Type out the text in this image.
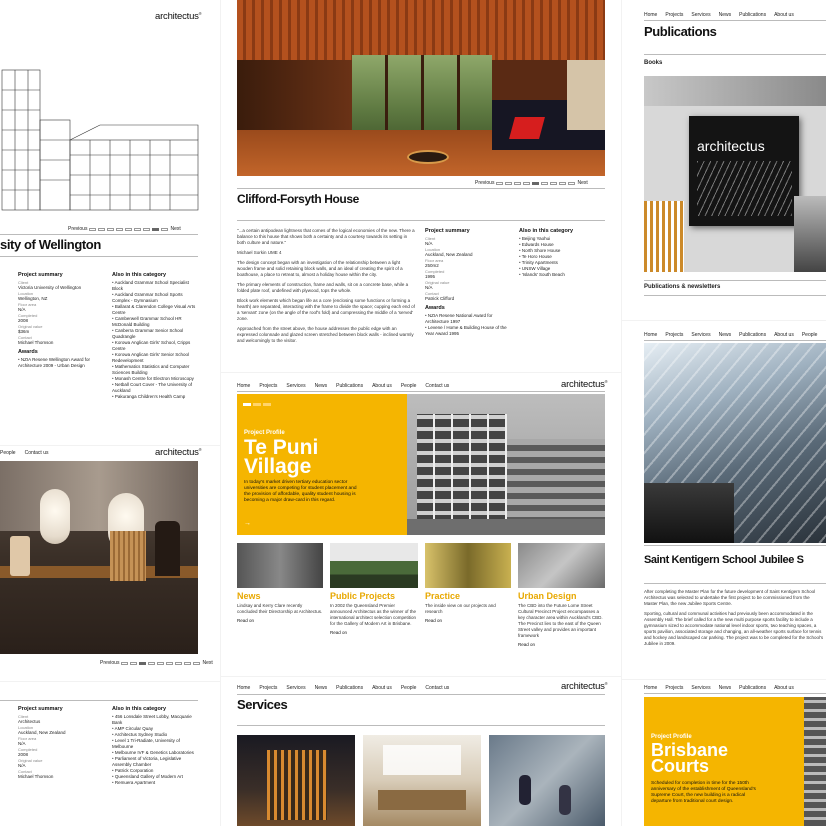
architectus®
Previous	Next
sity of Wellington
Project summary
Client
Victoria University of Wellington
Location
Wellington, NZ
Floor area
N/A
Completed
2008
Original value
$36m
Contact
Michael Thomson
Awards
• NZIA Resene Wellington Award for Architecture 2009 - Urban Design
Also in this category
• Auckland Grammar School Specialist Block
• Auckland Grammar School Sports Complex - Gymnasium
• Ballarat & Clarendon College Visual Arts Centre
• Camberwell Grammar School HR McDonald Building
• Canberra Grammar Senior School Quadrangle
• Korowa Anglican Girls' School, Cripps Centre
• Korowa Anglican Girls' Senior School Redevelopment
• Mathematics Statistics and Computer Sciences Building
• Monash Centre for Electron Microscopy
• Netball Court Cover - The University of Auckland
• Pakuranga Children's Health Camp
People Contact us	architectus®
Previous	Next
Project summary
Client
Architectus
Location
Auckland, New Zealand
Floor area
N/A
Completed
2008
Original value
N/A
Contact
Michael Thomson
Also in this category
• 456 Lonsdale Street Lobby, Macquarie Bank
• AMP Circular Quay
• Architectus Sydney Studio
• Level 1 Tri-Radiate, University of Melbourne
• Melbourne IVF & Genetics Laboratories
• Parliament of Victoria, Legislative Assembly Chamber
• Patrick Corporation
• Queensland Gallery of Modern Art
• Remuera Apartment
Previous	Next
Clifford-Forsyth House

"...a certain antipodean lightness that comes of the logical economies of the new. There a balance to this house that shows both a certainty and a courtesy towards its setting in both culture and nature."

Michael Sorkin UME 4

The design concept began with an investigation of the relationship between a light wooden frame and solid retaining block walls, and an ideal of creating the spirit of a boathouse, a place to retreat to, almost a holiday house within the city.

The primary elements of construction, frame and walls, sit on a concrete base, while a folded plate roof, undefined with plywood, tops the whole.

Block work elements which began life as a core (enclosing some functions or forming a hearth) are separated, interacting with the frame to divide the space; cupping each end of a 'servant' zone (on the angle of the roof's fold) and compressing the middle of a 'served' zone.

Approached from the street above, the house addresses the public edge with an expressed colonnade and glazed screen stretched between block walls - inclined warmly and welcomingly to the visitor.

Project summary
Client
N/A
Location
Auckland, New Zealand
Floor area
250m2
Completed
1995
Original value
N/A
Contact
Patrick Clifford
Awards
• NZIA Resene National Award for Architecture 1997
• Levene / Home & Building House of the Year Award 1995
Also in this category
• Beijing Yaohui
• Edwards House
• North Shore House
• Te Horo House
• Trinity Apartments
• UNSW Village
• 'Islands' South Beach
Home Projects Services News Publications About us People Contact us	architectus®
Project Profile
Te Puni
Village
In today's market driven tertiary education sector universities are competing for student placement and the provision of affordable, quality student housing is becoming a major draw-card in this regard.
→
News

Lindsay and Kerry Clare recently concluded their Directorship at Architectus.

Read on
Public Projects

In 2002 the Queensland Premier announced Architectus as the winner of the international architect selection competition for the Gallery of Modern Art in Brisbane.

Read on
Practice

The inside view on our projects and research

Read on
Urban Design

The CBD into the Future Lome Street Cultural Precinct Project encompasses a key character area within Auckland's CBD. The Precinct lies to the east of the Queen Street valley and provides an important framework

Read on
Home Projects Services News Publications About us People Contact us	architectus®
Services
Home Projects Services News Publications About us
Publications
Books
architectus
Publications & newsletters
Home Projects Services News Publications About us People
Saint Kentigern School Jubilee S

After completing the Master Plan for the future development of Saint Kentigern School Architectus was selected to undertake the first project to be commissioned from the Master Plan, the new Jubilee Sports Centre.

Sporting, cultural and communal activities had previously been accommodated in the Assembly Hall. The brief called for a the new multi purpose sports facility to include a gymnasium sized to accommodate national level indoor sports, two teaching spaces, a sports pavilion, associated storage and changing, an all-weather sports surface for tennis and hockey and landscaped car parking. The project was to be completed for the School's Jubilee in 2009.

Home Projects Services News Publications About us
Project Profile
Brisbane
Courts
Scheduled for completion in time for the 150th anniversary of the establishment of Queensland's Supreme Court, the new building is a radical departure from traditional court design.
